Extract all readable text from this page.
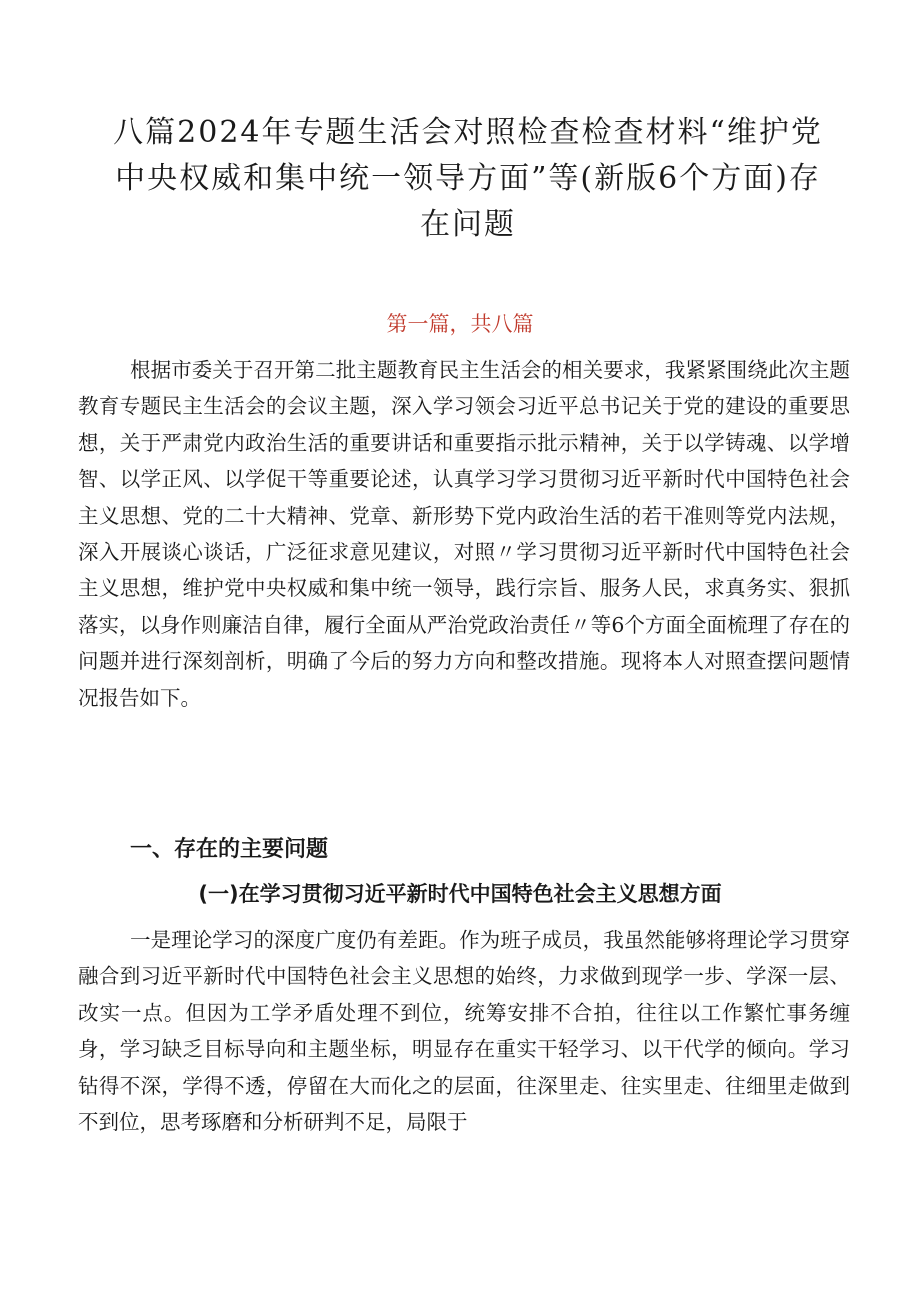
八篇2024年专题生活会对照检查检查材料“维护党中央权威和集中统一领导方面”等(新版6个方面)存在问题

第一篇，共八篇

根据市委关于召开第二批主题教育民主生活会的相关要求，我紧紧围绕此次主题教育专题民主生活会的会议主题，深入学习领会习近平总书记关于党的建设的重要思想，关于严肃党内政治生活的重要讲话和重要指示批示精神，关于以学铸魂、以学增智、以学正风、以学促干等重要论述，认真学习学习贯彻习近平新时代中国特色社会主义思想、党的二十大精神、党章、新形势下党内政治生活的若干准则等党内法规，深入开展谈心谈话，广泛征求意见建议，对照〃学习贯彻习近平新时代中国特色社会主义思想，维护党中央权威和集中统一领导，践行宗旨、服务人民，求真务实、狠抓落实，以身作则廉洁自律，履行全面从严治党政治责任〃等6个方面全面梳理了存在的问题并进行深刻剖析，明确了今后的努力方向和整改措施。现将本人对照查摆问题情况报告如下。

一、存在的主要问题
(一)在学习贯彻习近平新时代中国特色社会主义思想方面

一是理论学习的深度广度仍有差距。作为班子成员，我虽然能够将理论学习贯穿融合到习近平新时代中国特色社会主义思想的始终，力求做到现学一步、学深一层、改实一点。但因为工学矛盾处理不到位，统筹安排不合拍，往往以工作繁忙事务缠身，学习缺乏目标导向和主题坐标，明显存在重实干轻学习、以干代学的倾向。学习钻得不深，学得不透，停留在大而化之的层面，往深里走、往实里走、往细里走做到不到位，思考琢磨和分析研判不足，局限于
